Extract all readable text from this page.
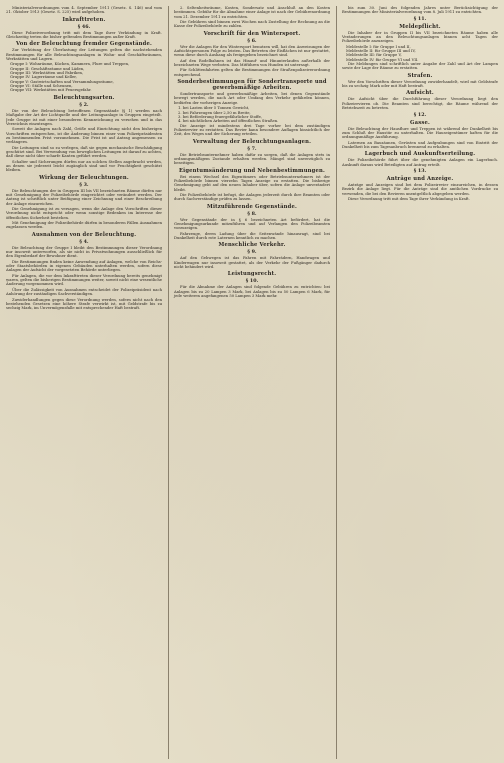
Ministerialverordnungen vom 4. September 1911 (Gesetz. S. 146) und vom 21. Oktober 1913 (Gesetz. S. 225) wird aufgehoben.
Inkrafttreten.
§ 46.
Diese Polizeiverordnung tritt mit dem Tage ihrer Verkündung in Kraft. Gleichzeitig treten die bisher geltenden Bestimmungen außer Kraft.
Von der Beleuchtung fremder Gegenstände.
Zur Verhütung der Überlastung der Leitungen gelten die nachstehenden Bestimmungen für alle Beleuchtungsanlagen in Wohn- und Geschäftsräumen, Werkstätten und Lagern.
Gruppe I: Wohnräume, Küchen, Kammern, Flure und Treppen,
Gruppe II: Geschäftsräume und Läden,
Gruppe III: Werkstätten und Fabriken,
Gruppe IV: Lagerräume und Keller,
Gruppe V: Gastwirtschaften und Versammlungsräume,
Gruppe VI: Ställe und Scheunen,
Gruppe VII: Werkstätten mit Feuersgefahr.
Beleuchtungsarten.
§ 2.
Die von der Beleuchtung betroffenen Gegenstände (§ 1) werden nach Maßgabe der Art der Lichtquelle und der Leitungsanlage in Gruppen eingeteilt. Jede Gruppe ist mit einer besonderen Kennzeichnung zu versehen und in das Verzeichnis einzutragen.
Soweit die Anlagen nach Zahl, Größe und Einrichtung nicht den bisherigen Vorschriften entsprechen, ist die Änderung binnen einer vom Polizeipräsidenten zu bestimmenden Frist vorzunehmen. Die Frist ist auf Antrag angemessen zu verlängern.
Die Leitungen sind so zu verlegen, daß sie gegen mechanische Beschädigung geschützt sind. Bei Verwendung von beweglichen Leitungen ist darauf zu achten, daß diese nicht über scharfe Kanten geführt werden.
Schalter und Sicherungen dürfen nur an solchen Stellen angebracht werden, an denen sie jederzeit leicht zugänglich sind und vor Feuchtigkeit geschützt bleiben.
Wirkung der Beleuchtungen.
§ 3.
Die Beleuchtungen der in Gruppen III bis VII bezeichneten Räume dürfen nur mit Genehmigung der Polizeibehörde eingerichtet oder verändert werden. Der Antrag ist schriftlich unter Beifügung einer Zeichnung und einer Beschreibung der Anlage einzureichen.
Die Genehmigung ist zu versagen, wenn die Anlage den Vorschriften dieser Verordnung nicht entspricht oder wenn sonstige Bedenken im Interesse der öffentlichen Sicherheit bestehen.
Mit Genehmigung der Polizeibehörde dürfen in besonderen Fällen Ausnahmen zugelassen werden.
Ausnahmen von der Beleuchtung.
§ 4.
Die Beleuchtung der Gruppe I bleibt den Bestimmungen dieser Verordnung nur insoweit unterworfen, als sie nicht in Privatwohnungen ausschließlich für den Eigenbedarf der Bewohner dient.
Die Bestimmungen finden keine Anwendung auf Anlagen, welche von Reichs- oder Staatsbehörden in eigenen Gebäuden unterhalten werden, sofern diese Anlagen der Aufsicht der vorgesetzten Behörde unterliegen.
Für Anlagen, die vor dem Inkrafttreten dieser Verordnung bereits genehmigt waren, gelten die bisherigen Bestimmungen weiter, soweit nicht eine wesentliche Änderung vorgenommen wird.
Über die Zulässigkeit von Ausnahmen entscheidet der Polizeipräsident nach Anhörung der zuständigen Sachverständigen.
Zuwiderhandlungen gegen diese Verordnung werden, sofern nicht nach den bestehenden Gesetzen eine höhere Strafe verwirkt ist, mit Geldstrafe bis zu sechzig Mark, im Unvermögensfalle mit entsprechender Haft bestraft.
2. Seltenheitsräume, Kosten, Sondersatz und Anschluß an den Kosten bestimmen. Gebühr für die Abnahme einer Anlage ist nach der Gebührenordnung vom 21. Dezember 1911 zu entrichten.
Die Gebühren sind binnen zwei Wochen nach Zustellung der Rechnung an die Kasse der Polizeibehörde zu zahlen.
Vorschrift für den Wintersport.
§ 6.
Wer die Anlagen für den Wintersport benutzen will, hat den Anweisungen der Aufsichtspersonen Folge zu leisten. Das Betreten der Eisflächen ist nur gestattet, wenn diese durch Aushang als freigegeben bezeichnet sind.
Auf den Rodelbahnen ist das Hinauf- und Hinunterlaufen außerhalb der bezeichneten Wege verboten. Das Mitführen von Hunden ist untersagt.
Für Schlittenfahrten gelten die Bestimmungen der Straßenpolizeiverordnung entsprechend.
Sonderbestimmungen für Sondertransporte und gewerbsmäßige Arbeiten.
Sondertransporte und gewerbsmäßige Arbeiten, bei denen Gegenstände bewegt werden, die nach Art oder Umfang den Verkehr gefährden können, bedürfen der vorherigen Anzeige.
1. bei Lasten über 5 Tonnen Gewicht,
2. bei Fahrzeugen über 2,50 m Breite,
3. bei Beförderung feuergefährlicher Stoffe,
4. bei nächtlichen Arbeiten auf öffentlichen Straßen.
Die Anzeige ist mindestens drei Tage vorher bei dem zuständigen Polizeirevier zu erstatten. Das Revier kann besondere Auflagen hinsichtlich der Zeit, des Weges und der Sicherung erteilen.
Verwaltung der Beleuchtungsanlagen.
§ 7.
Die Betriebsunternehmer haben dafür zu sorgen, daß die Anlagen stets in ordnungsmäßigem Zustande erhalten werden. Mängel sind unverzüglich zu beseitigen.
Eigentumsänderung und Nebenbestimmungen.
Bei einem Wechsel des Eigentümers oder Betriebsunternehmers ist der Polizeibehörde binnen vierzehn Tagen Anzeige zu erstatten. Die bisherige Genehmigung geht auf den neuen Inhaber über, sofern die Anlage unverändert bleibt.
Die Polizeibehörde ist befugt, die Anlagen jederzeit durch ihre Beamten oder durch Sachverständige prüfen zu lassen.
Mitzuführende Gegenstände.
§ 8.
Wer Gegenstände der in § 6 bezeichneten Art befördert, hat die Genehmigungsurkunde mitzuführen und auf Verlangen den Polizeibeamten vorzuzeigen.
Fahrzeuge, deren Ladung über die Seitenwände hinausragt, sind bei Dunkelheit durch rote Laternen kenntlich zu machen.
Menschliche Verkehr.
§ 9.
Auf den Gehwegen ist das Fahren mit Fahrrädern, Handwagen und Kinderwagen nur insoweit gestattet, als der Verkehr der Fußgänger dadurch nicht behindert wird.
Leistungsrecht.
§ 10.
Für die Abnahme der Anlagen sind folgende Gebühren zu entrichten: bei Anlagen bis zu 20 Lampen 3 Mark, bei Anlagen bis zu 50 Lampen 6 Mark, für jede weiteren angefangenen 50 Lampen 3 Mark mehr.
bis zum 30. Juni des folgenden Jahres unter Berücksichtigung der Bestimmungen der Ministerialverordnung vom 8. Juli 1911 zu entrichten.
§ 11.
Meldepflicht.
Die Inhaber der in Gruppen II bis VII bezeichneten Räume haben alle Veränderungen an den Beleuchtungsanlagen binnen acht Tagen der Polizeibehörde anzuzeigen.
Meldestelle I: für Gruppe I und II,
Meldestelle II: für Gruppe III und IV,
Meldestelle III: für Gruppe V,
Meldestelle IV: für Gruppe VI und VII.
Die Meldungen sind schriftlich unter Angabe der Zahl und Art der Lampen sowie der Lage der Räume zu erstatten.
Strafen.
Wer den Vorschriften dieser Verordnung zuwiderhandelt, wird mit Geldstrafe bis zu sechzig Mark oder mit Haft bestraft.
Aufsicht.
Die Aufsicht über die Durchführung dieser Verordnung liegt den Polizeirevieren ob. Die Beamten sind berechtigt, die Räume während der Betriebszeit zu betreten.
§ 12.
Gasse.
Die Beleuchtung der Hausflure und Treppen ist während der Dunkelheit bis zum Schluß der Haustür zu unterhalten. Die Hauseigentümer haften für die ordnungsmäßige Ausführung.
Laternen an Bauzäunen, Gerüsten und Aufgrabungen sind von Eintritt der Dunkelheit bis zum Tagesanbruch brennend zu erhalten.
Lagerbuch und Auskunftserteilung.
Die Polizeibehörde führt über die genehmigten Anlagen ein Lagerbuch. Auskunft daraus wird Beteiligten auf Antrag erteilt.
§ 13.
Anträge und Anzeige.
Anträge und Anzeigen sind bei dem Polizeirevier einzureichen, in dessen Bezirk die Anlage liegt. Für die Anträge sind die amtlichen Vordrucke zu verwenden, die bei den Revieren unentgeltlich abgegeben werden.
Diese Verordnung tritt mit dem Tage ihrer Verkündung in Kraft.
